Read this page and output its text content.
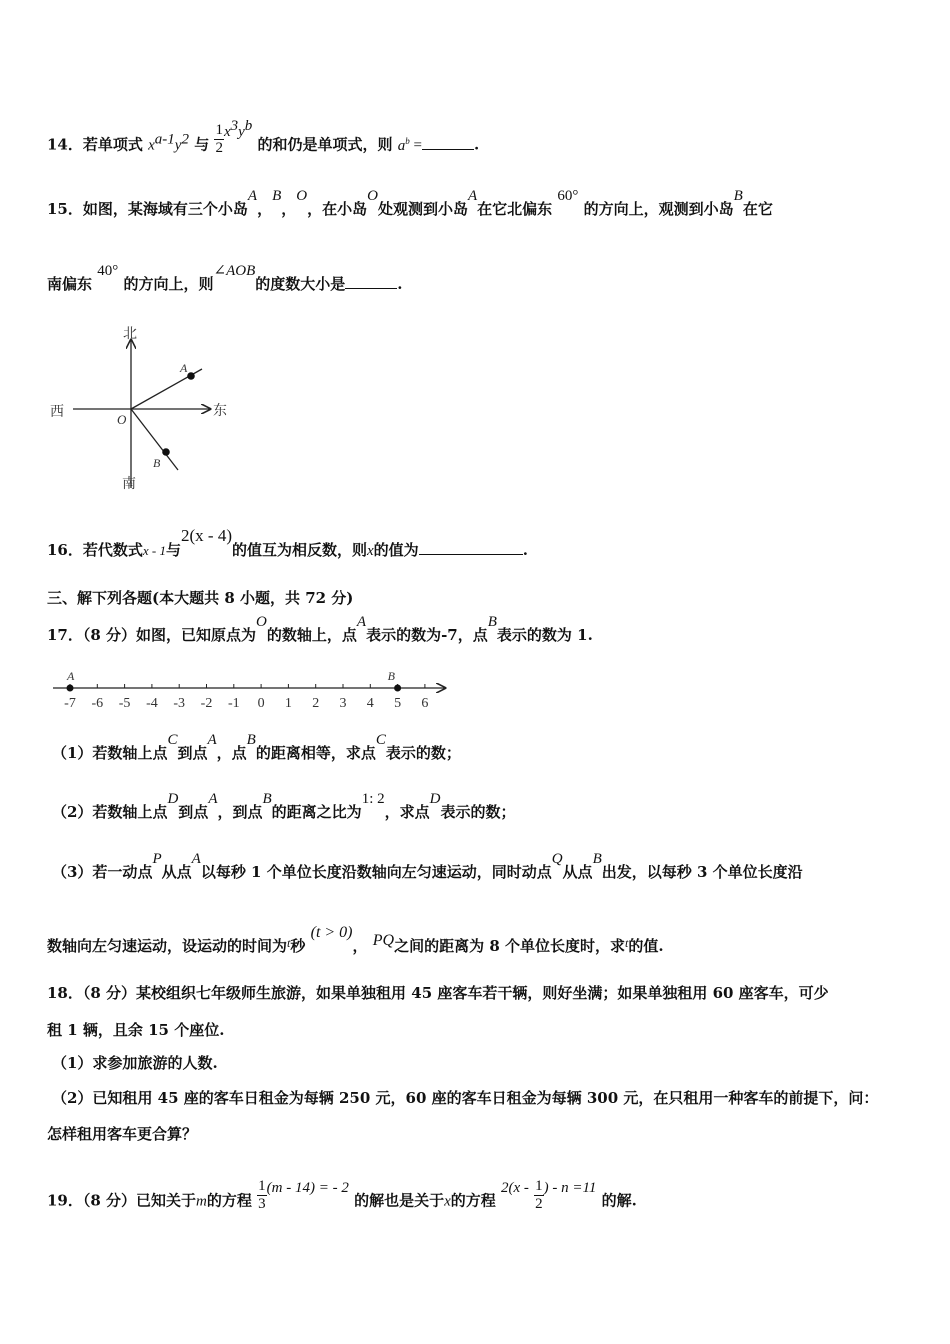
14．若单项式 $x^{a-1}y^2$ 与 $\frac{1}{2} x^3y^b$ 的和仍是单项式，则 $a^b$ =	.
15．如图，某海域有三个小岛A，B，O，在小岛O处观测到小岛A在它北偏东 60° 的方向上，观测到小岛B在它
南偏东 40° 的方向上，则∠AOB的度数大小是	.
北
南
东
西	O
A
B
16．若代数式x - 1与2(x - 4)的值互为相反数，则x的值为	.
三、解下列各题(本大题共 8 小题，共 72 分)
17．（8 分）如图，已知原点为O的数轴上，点A表示的数为-7，点B表示的数为 1.
-7 -6 -5 -4 -3 -2 -1 0 1 2 3 4 5 6
A	B
（1）若数轴上点C到点A，点B的距离相等，求点C表示的数；
（2）若数轴上点D到点A，到点B的距离之比为1: 2，求点D表示的数；
（3）若一动点P从点A以每秒 1 个单位长度沿数轴向左匀速运动，同时动点Q从点B出发，以每秒 3 个单位长度沿
数轴向左匀速运动，设运动的时间为$^t$秒 (t > 0)， PQ之间的距离为 8 个单位长度时，求$^t$的值.
18．（8 分）某校组织七年级师生旅游，如果单独租用 45 座客车若干辆，则好坐满；如果单独租用 60 座客车，可少
租 1 辆，且余 15 个座位.
（1）求参加旅游的人数.
（2）已知租用 45 座的客车日租金为每辆 250 元，60 座的客车日租金为每辆 300 元，在只租用一种客车的前提下，问：
怎样租用客车更合算？
19．（8 分）已知关于m的方程 $\frac{1}{3} (m - 14)$ = - 2 的解也是关于x的方程 $2(x - \frac{1}{2}$ ) - n =11 的解.
